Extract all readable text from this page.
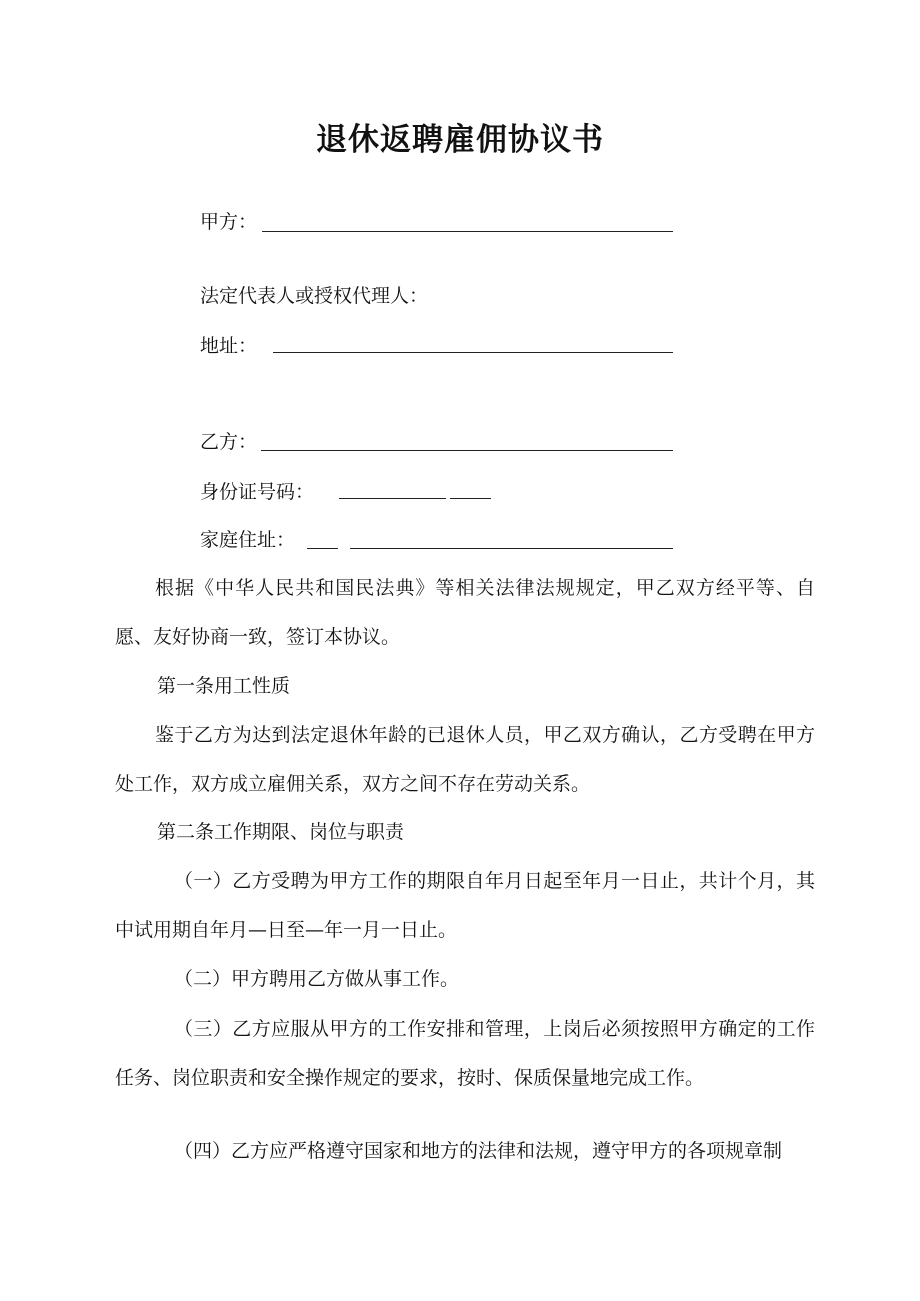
退休返聘雇佣协议书
甲方：
法定代表人或授权代理人：
地址：
乙方：
身份证号码：
家庭住址：
根据《中华人民共和国民法典》等相关法律法规规定，甲乙双方经平等、自愿、友好协商一致，签订本协议。
第一条用工性质
鉴于乙方为达到法定退休年龄的已退休人员，甲乙双方确认，乙方受聘在甲方处工作，双方成立雇佣关系，双方之间不存在劳动关系。
第二条工作期限、岗位与职责
（一）乙方受聘为甲方工作的期限自年月日起至年月一日止，共计个月，其中试用期自年月—日至—年一月一日止。
（二）甲方聘用乙方做从事工作。
（三）乙方应服从甲方的工作安排和管理，上岗后必须按照甲方确定的工作任务、岗位职责和安全操作规定的要求，按时、保质保量地完成工作。
（四）乙方应严格遵守国家和地方的法律和法规，遵守甲方的各项规章制
